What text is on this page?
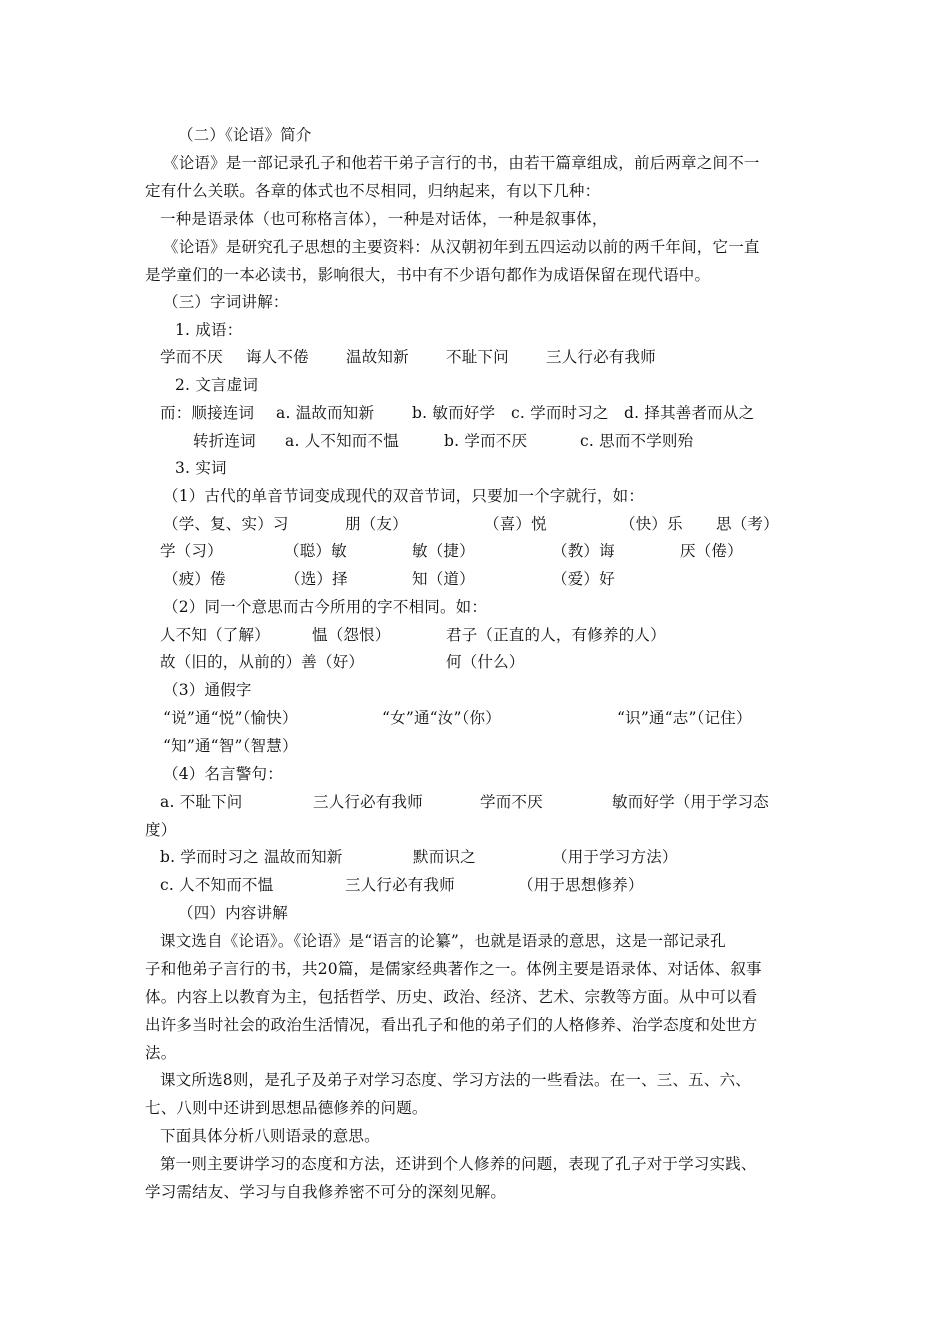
（二）《论语》简介
《论语》是一部记录孔子和他若干弟子言行的书，由若干篇章组成，前后两章之间不一
定有什么关联。各章的体式也不尽相同，归纳起来，有以下几种：
一种是语录体（也可称格言体），一种是对话体，一种是叙事体，
《论语》是研究孔子思想的主要资料：从汉朝初年到五四运动以前的两千年间，它一直
是学童们的一本必读书，影响很大，书中有不少语句都作为成语保留在现代语中。
（三）字词讲解：
1. 成语：
学而不厌 诲人不倦 温故知新 不耻下问 三人行必有我师
2. 文言虚词
而：顺接连词 a. 温故而知新 b. 敏而好学 c. 学而时习之 d. 择其善者而从之
转折连词 a. 人不知而不愠	b. 学而不厌	c. 思而不学则殆
3. 实词
（1）古代的单音节词变成现代的双音节词，只要加一个字就行，如：
（学、复、实）习	朋（友）	（喜）悦	（快）乐 思（考）
学（习）	（聪）敏	敏（捷）	（教）诲	厌（倦）
（疲）倦	（选）择	知（道）	（爱）好
（2）同一个意思而古今所用的字不相同。如：
人不知（了解）	愠（怨恨）	君子（正直的人，有修养的人）
故（旧的，从前的）善（好）	何（什么）
（3）通假字
“说”通“悦”（愉快）	“女”通“汝”（你）	“识”通“志”（记住）
“知”通“智”（智慧）
（4）名言警句：
a. 不耻下问	三人行必有我师	学而不厌	敏而好学（用于学习态
度）
b. 学而时习之 温故而知新	默而识之	（用于学习方法）
c. 人不知而不愠	三人行必有我师	（用于思想修养）
（四）内容讲解
课文选自《论语》。《论语》是“语言的论纂”，也就是语录的意思，这是一部记录孔
子和他弟子言行的书，共20篇，是儒家经典著作之一。体例主要是语录体、对话体、叙事
体。内容上以教育为主，包括哲学、历史、政治、经济、艺术、宗教等方面。从中可以看
出许多当时社会的政治生活情况，看出孔子和他的弟子们的人格修养、治学态度和处世方
法。
课文所选8则，是孔子及弟子对学习态度、学习方法的一些看法。在一、三、五、六、
七、八则中还讲到思想品德修养的问题。
下面具体分析八则语录的意思。
第一则主要讲学习的态度和方法，还讲到个人修养的问题，表现了孔子对于学习实践、
学习需结友、学习与自我修养密不可分的深刻见解。
